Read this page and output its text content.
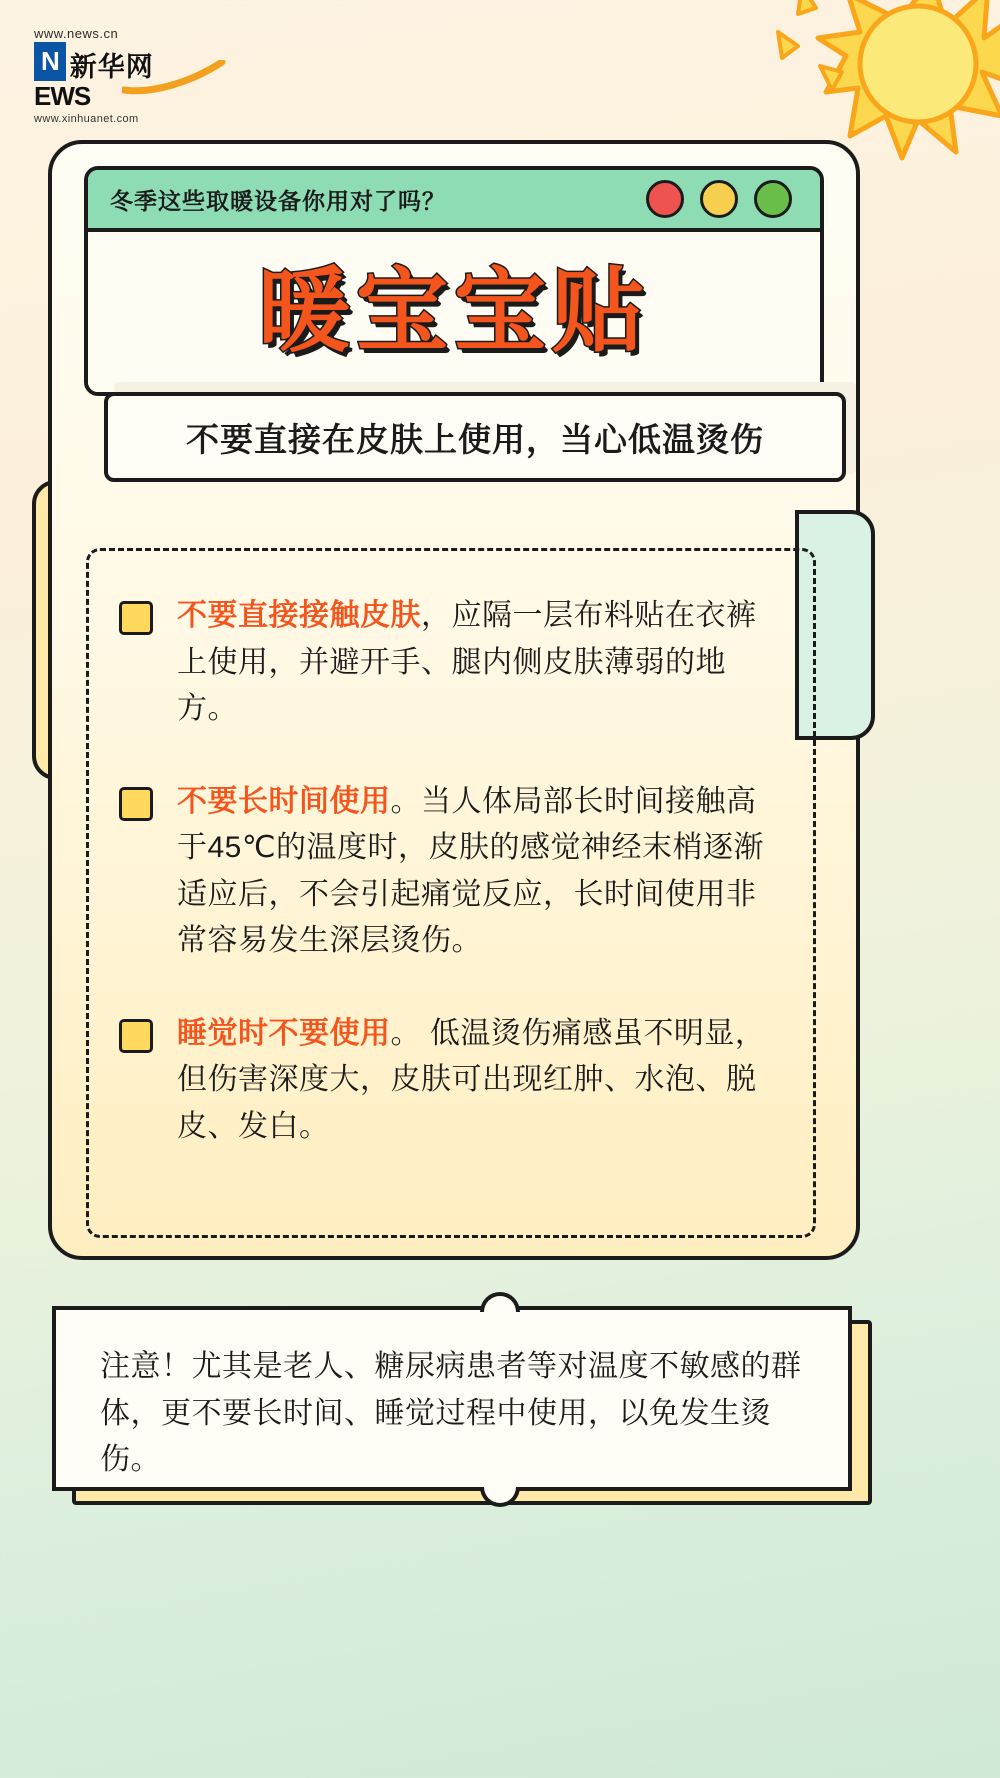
www.news.cn
N 新华网
EWS
www.xinhuanet.com
冬季这些取暖设备你用对了吗？
暖宝宝贴
不要直接在皮肤上使用，当心低温烫伤
不要直接接触皮肤，应隔一层布料贴在衣裤上使用，并避开手、腿内侧皮肤薄弱的地方。
不要长时间使用。当人体局部长时间接触高于45℃的温度时，皮肤的感觉神经末梢逐渐适应后，不会引起痛觉反应，长时间使用非常容易发生深层烫伤。
睡觉时不要使用。 低温烫伤痛感虽不明显，但伤害深度大，皮肤可出现红肿、水泡、脱皮、发白。
注意！尤其是老人、糖尿病患者等对温度不敏感的群体，更不要长时间、睡觉过程中使用，以免发生烫伤。
